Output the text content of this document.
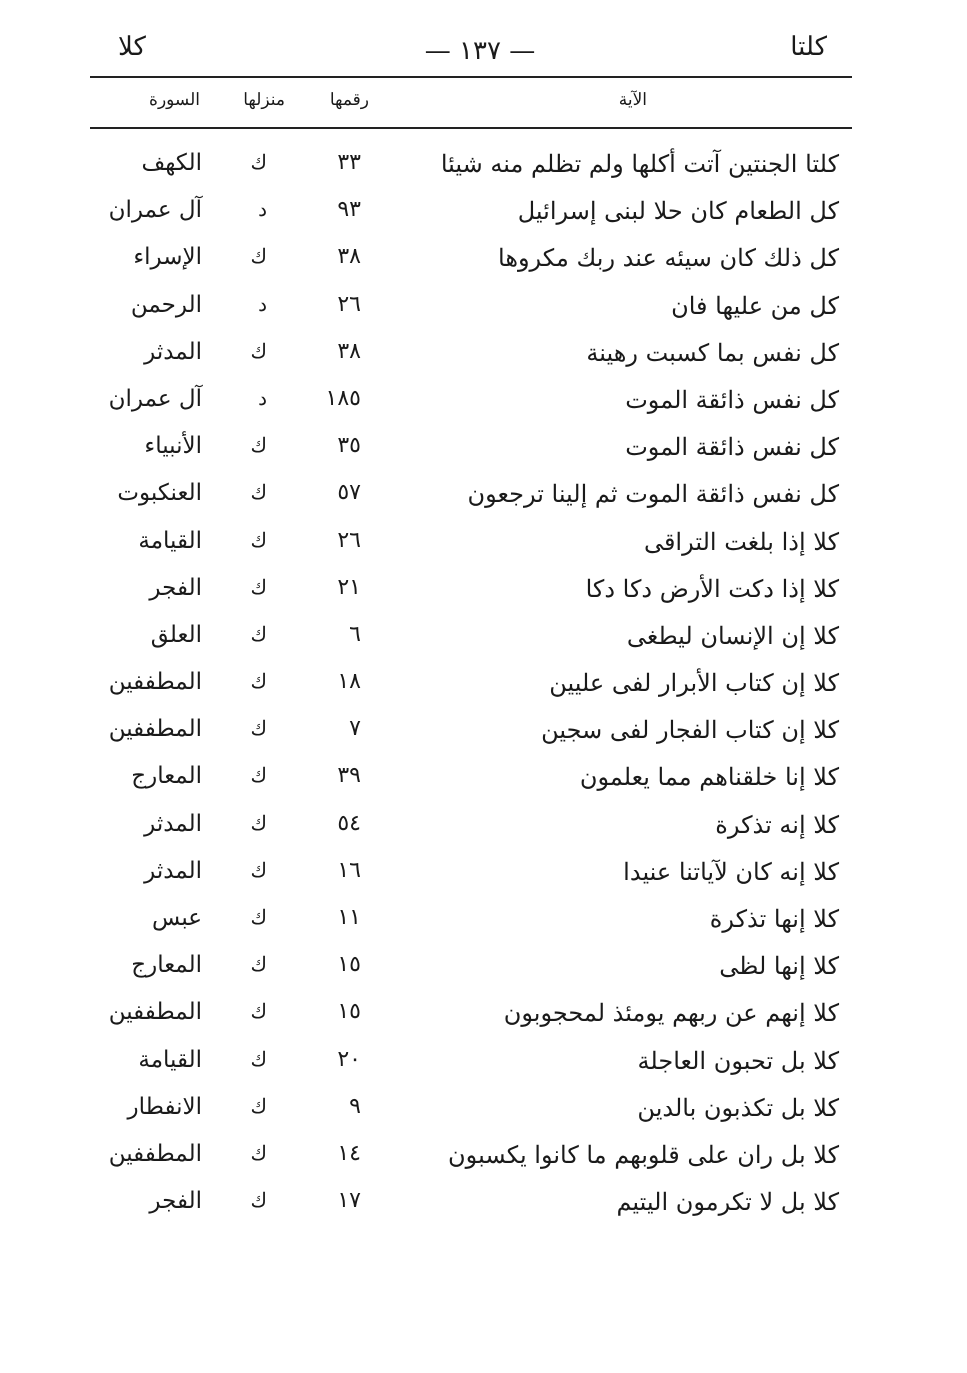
كلتا
— ١٣٧ —
كلا
الآية
رقمها
منزلها
السورة
كلتا الجنتين آتت أكلها ولم تظلم منه شيئا
٣٣
ك
الكهف
كل الطعام كان حلا لبنى إسرائيل
٩٣
د
آل عمران
كل ذلك كان سيئه عند ربك مكروها
٣٨
ك
الإسراء
كل من عليها فان
٢٦
د
الرحمن
كل نفس بما كسبت رهينة
٣٨
ك
المدثر
كل نفس ذائقة الموت
١٨٥
د
آل عمران
كل نفس ذائقة الموت
٣٥
ك
الأنبياء
كل نفس ذائقة الموت ثم إلينا ترجعون
٥٧
ك
العنكبوت
كلا إذا بلغت التراقى
٢٦
ك
القيامة
كلا إذا دكت الأرض دكا دكا
٢١
ك
الفجر
كلا إن الإنسان ليطغى
٦
ك
العلق
كلا إن كتاب الأبرار لفى عليين
١٨
ك
المطففين
كلا إن كتاب الفجار لفى سجين
٧
ك
المطففين
كلا إنا خلقناهم مما يعلمون
٣٩
ك
المعارج
كلا إنه تذكرة
٥٤
ك
المدثر
كلا إنه كان لآياتنا عنيدا
١٦
ك
المدثر
كلا إنها تذكرة
١١
ك
عبس
كلا إنها لظى
١٥
ك
المعارج
كلا إنهم عن ربهم يومئذ لمحجوبون
١٥
ك
المطففين
كلا بل تحبون العاجلة
٢٠
ك
القيامة
كلا بل تكذبون بالدين
٩
ك
الانفطار
كلا بل ران على قلوبهم ما كانوا يكسبون
١٤
ك
المطففين
كلا بل لا تكرمون اليتيم
١٧
ك
الفجر
